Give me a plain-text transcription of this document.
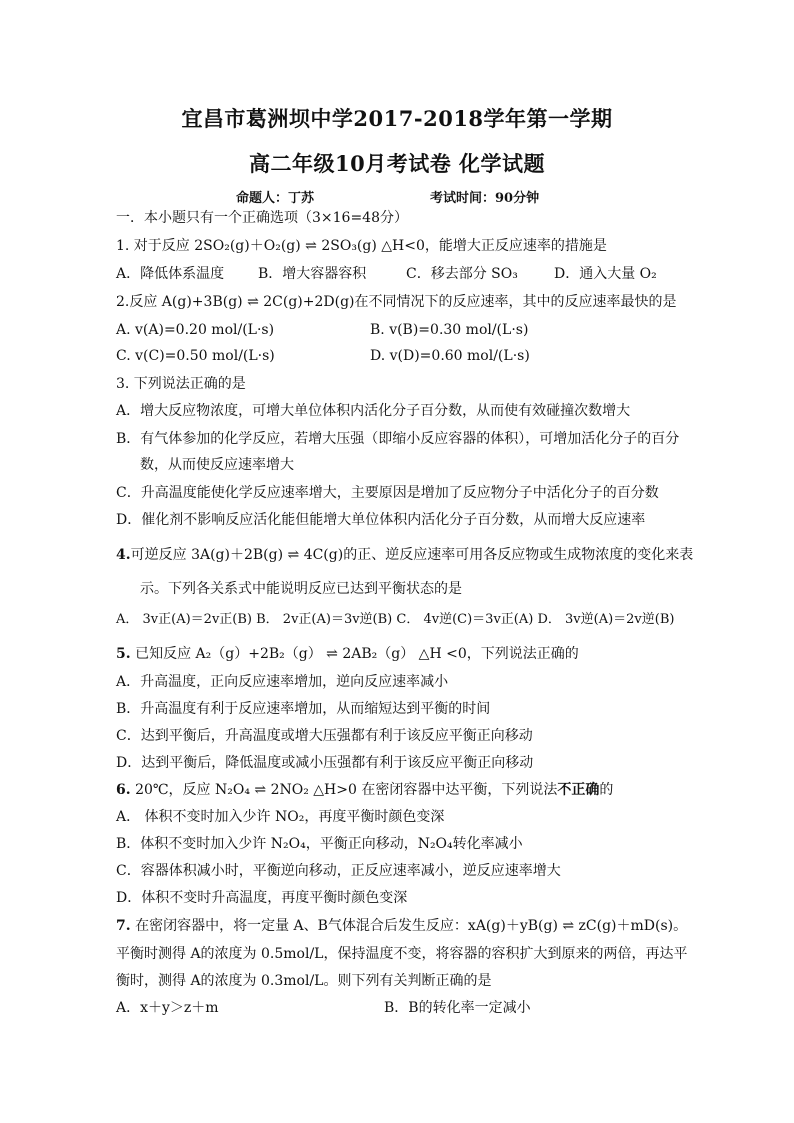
宜昌市葛洲坝中学2017-2018学年第一学期
高二年级10月考试卷 化学试题
命题人：丁苏	考试时间：90分钟
一．本小题只有一个正确选项（3×16=48分）
1. 对于反应 2SO₂(g)＋O₂(g) ⇌ 2SO₃(g) △H<0，能增大正反应速率的措施是
A．降低体系温度 B．增大容器容积	C．移去部分 SO₃	D．通入大量 O₂
2.反应 A(g)+3B(g) ⇌ 2C(g)+2D(g)在不同情况下的反应速率，其中的反应速率最快的是
A. v(A)=0.20 mol/(L·s)	B. v(B)=0.30 mol/(L·s)
C. v(C)=0.50 mol/(L·s)	D. v(D)=0.60 mol/(L·s)
3. 下列说法正确的是
A．增大反应物浓度，可增大单位体积内活化分子百分数，从而使有效碰撞次数增大
B．有气体参加的化学反应，若增大压强（即缩小反应容器的体积），可增加活化分子的百分
数，从而使反应速率增大
C．升高温度能使化学反应速率增大，主要原因是增加了反应物分子中活化分子的百分数
D．催化剂不影响反应活化能但能增大单位体积内活化分子百分数，从而增大反应速率
4.可逆反应 3A(g)＋2B(g) ⇌ 4C(g)的正、逆反应速率可用各反应物或生成物浓度的变化来表
示。下列各关系式中能说明反应已达到平衡状态的是
A． 3v正(A)＝2v正(B) B． 2v正(A)＝3v逆(B) C． 4v逆(C)＝3v正(A) D． 3v逆(A)＝2v逆(B)
5. 已知反应 A₂（g）+2B₂（g） ⇌ 2AB₂（g） △H <0，下列说法正确的
A．升高温度，正向反应速率增加，逆向反应速率减小
B．升高温度有利于反应速率增加，从而缩短达到平衡的时间
C．达到平衡后，升高温度或增大压强都有利于该反应平衡正向移动
D．达到平衡后，降低温度或减小压强都有利于该反应平衡正向移动
6. 20℃，反应 N₂O₄ ⇌ 2NO₂ △H>0 在密闭容器中达平衡，下列说法不正确的
A． 体积不变时加入少许 NO₂，再度平衡时颜色变深
B．体积不变时加入少许 N₂O₄，平衡正向移动，N₂O₄转化率减小
C．容器体积减小时，平衡逆向移动，正反应速率减小，逆反应速率增大
D．体积不变时升高温度，再度平衡时颜色变深
7. 在密闭容器中，将一定量 A、B气体混合后发生反应：xA(g)＋yB(g) ⇌ zC(g)＋mD(s)。
平衡时测得 A的浓度为 0.5mol/L，保持温度不变，将容器的容积扩大到原来的两倍，再达平
衡时，测得 A的浓度为 0.3mol/L。则下列有关判断正确的是
A．x＋y＞z＋m	B．B的转化率一定减小
